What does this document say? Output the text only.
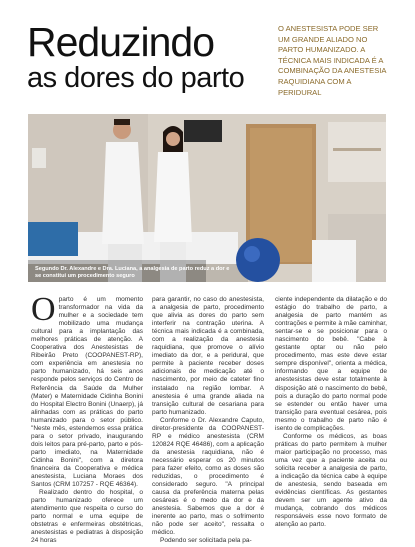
Reduzindo
as dores do parto
O ANESTESISTA PODE SER UM GRANDE ALIADO NO PARTO HUMANIZADO. A TÉCNICA MAIS INDICADA É A COMBINAÇÃO DA ANESTESIA RAQUIDIANA COM A PERIDURAL
Segundo Dr. Alexandre e Dra. Luciana, a analgesia de parto reduz a dor e se constitui um procedimento seguro

O parto é um momento transformador na vida da mulher e a sociedade tem mobilizado uma mudança cultural para a implantação das melhores práticas de atenção. A Cooperativa dos Anestesistas de Ribeirão Preto (COOPANEST-RP), com experiência em anestesia no parto humanizado, há seis anos responde pelos serviços do Centro de Referência da Saúde da Mulher (Mater) e Maternidade Cidinha Bonini do Hospital Electro Bonini (Unaerp), já alinhadas com as práticas do parto humanizado para o setor público. "Neste mês, estendemos essa prática para o setor privado, inaugurando dois leitos para pré-parto, parto e pós-parto imediato, na Maternidade Cidinha Bonini", com a diretora financeira da Cooperativa e médica anestesista, Luciana Moraes dos Santos (CRM 107257 - RQE 46364).

Realizado dentro do hospital, o parto humanizado oferece um atendimento que respeita o curso do parto normal e uma equipe de obstetras e enfermeiras obstétricas, anestesistas e pediatras à disposição 24 horas

para garantir, no caso do anestesista, a analgesia de parto, procedimento que alivia as dores do parto sem interferir na contração uterina. A técnica mais indicada é a combinada, com a realização da anestesia raquidiana, que promove o alívio imediato da dor, e a peridural, que permite à paciente receber doses adicionais de medicação até o nascimento, por meio de cateter fino instalado na região lombar. A anestesia é uma grande aliada na transição cultural de cesariana para parto humanizado.

Conforme o Dr. Alexandre Caputo, diretor-presidente da COOPANEST-RP e médico anestesista (CRM 120824 RQE 46486), com a aplicação da anestesia raquidiana, não é necessário esperar os 20 minutos para fazer efeito, como as doses são reduzidas, o procedimento é considerado seguro. "A principal causa da preferência materna pelas cesáreas é o medo da dor e da anestesia. Sabemos que a dor é inerente ao parto, mas o sofrimento não pode ser aceito", ressalta o médico.

Podendo ser solicitada pela pa-

ciente independente da dilatação e do estágio do trabalho de parto, a analgesia de parto mantém as contrações e permite à mãe caminhar, sentar-se e se posicionar para o nascimento do bebê. "Cabe à gestante optar ou não pelo procedimento, mas este deve estar sempre disponível", orienta a médica, informando que a equipe de anestesistas deve estar totalmente à disposição até o nascimento do bebê, pois a duração do parto normal pode se estender ou então haver uma transição para eventual cesárea, pois mesmo o trabalho de parto não é isento de complicações.

Conforme os médicos, as boas práticas do parto permitem à mulher maior participação no processo, mas uma vez que a paciente aceita ou solicita receber a analgesia de parto, a indicação da técnica cabe à equipe de anestesia, sendo baseada em evidências científicas. As gestantes devem ser um agente ativo da mudança, cobrando dos médicos responsáveis esse novo formato de atenção ao parto.
